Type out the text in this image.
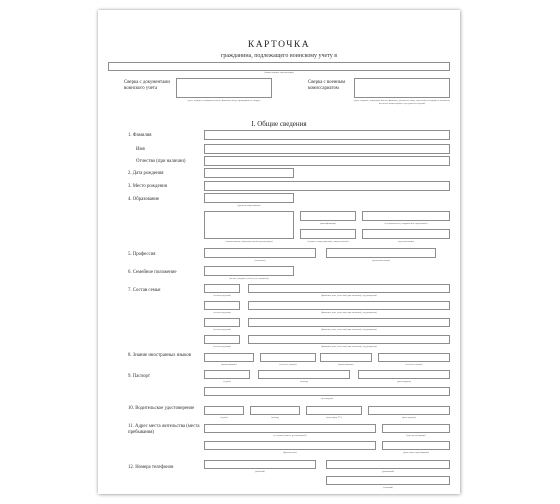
КАРТОЧКА
гражданина, подлежащего воинскому учету в
(наименование организации)
Сверка с документами воинского учета
(дата, подпись, инициалы имени, фамилия лица, проводившего сверку)
Сверка с военным комиссариатом
(дата, подпись, инициалы имени, фамилия, должность лица, или номер исходящего письма из военного комиссариата о результатах сверки)
I. Общие сведения
1. Фамилия
Имя
Отчество (при наличии)
2. Дата рождения
3. Место рождения
4. Образование
(уровень образования)
(наименование образовательной организации)
(квалификация)	(специальность, направление подготовки)
(серия и номер диплома, свидетельства)	(год окончания)
5. Профессия
(основная)	(дополнительная)
6. Семейное положение
(женат, замужем, холост (не замужем))
7. Состав семьи
(степень родства)	(фамилия, имя, отчество (при наличии), год рождения)
(степень родства)	(фамилия, имя, отчество (при наличии), год рождения)
(степень родства)	(фамилия, имя, отчество (при наличии), год рождения)
(степень родства)	(фамилия, имя, отчество (при наличии), год рождения)
8. Знание иностранных языков
(наименование)	(степень знания)	(наименование)	(степень знания)
9. Паспорт
(серия)	(номер)	(дата выдачи)
(кем выдан)
10. Водительское удостоверение
(серия)	(номер)	(категории ТС)	(дата выдачи)
11. Адрес места жительства (места пребывания)
(в соответствии с регистрацией)	(дата регистрации)
(фактически)	(дата начала пребывания)
12. Номера телефонов
(рабочий)	(домашний)
(сотовый)
